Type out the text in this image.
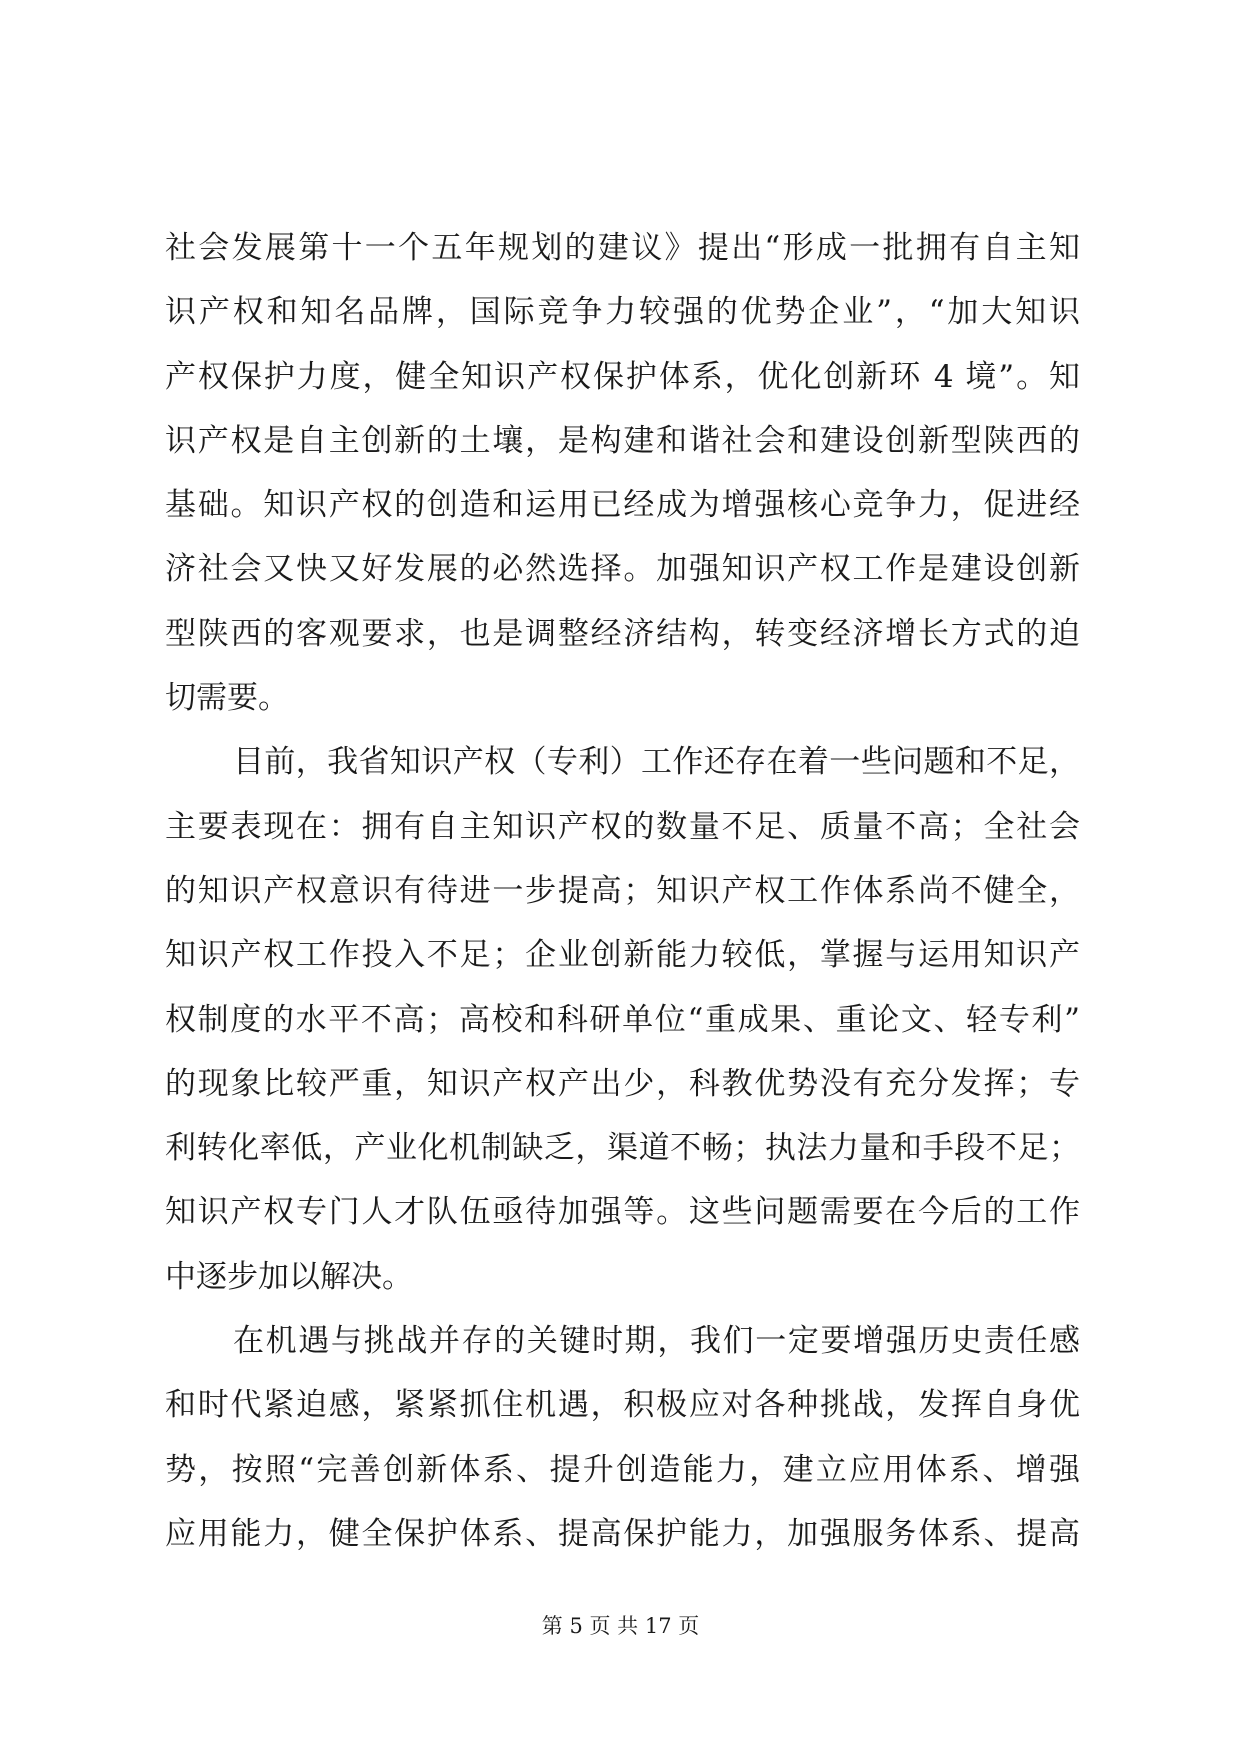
社会发展第十一个五年规划的建议》提出“形成一批拥有自主知
识产权和知名品牌，国际竞争力较强的优势企业”，“加大知识
产权保护力度，健全知识产权保护体系，优化创新环 4 境”。知
识产权是自主创新的土壤，是构建和谐社会和建设创新型陕西的
基础。知识产权的创造和运用已经成为增强核心竞争力，促进经
济社会又快又好发展的必然选择。加强知识产权工作是建设创新
型陕西的客观要求，也是调整经济结构，转变经济增长方式的迫
切需要。
目前，我省知识产权（专利）工作还存在着一些问题和不足，
主要表现在：拥有自主知识产权的数量不足、质量不高；全社会
的知识产权意识有待进一步提高；知识产权工作体系尚不健全，
知识产权工作投入不足；企业创新能力较低，掌握与运用知识产
权制度的水平不高；高校和科研单位“重成果、重论文、轻专利”
的现象比较严重，知识产权产出少，科教优势没有充分发挥；专
利转化率低，产业化机制缺乏，渠道不畅；执法力量和手段不足；
知识产权专门人才队伍亟待加强等。这些问题需要在今后的工作
中逐步加以解决。
在机遇与挑战并存的关键时期，我们一定要增强历史责任感
和时代紧迫感，紧紧抓住机遇，积极应对各种挑战，发挥自身优
势，按照“完善创新体系、提升创造能力，建立应用体系、增强
应用能力，健全保护体系、提高保护能力，加强服务体系、提高
第 5 页 共 17 页
